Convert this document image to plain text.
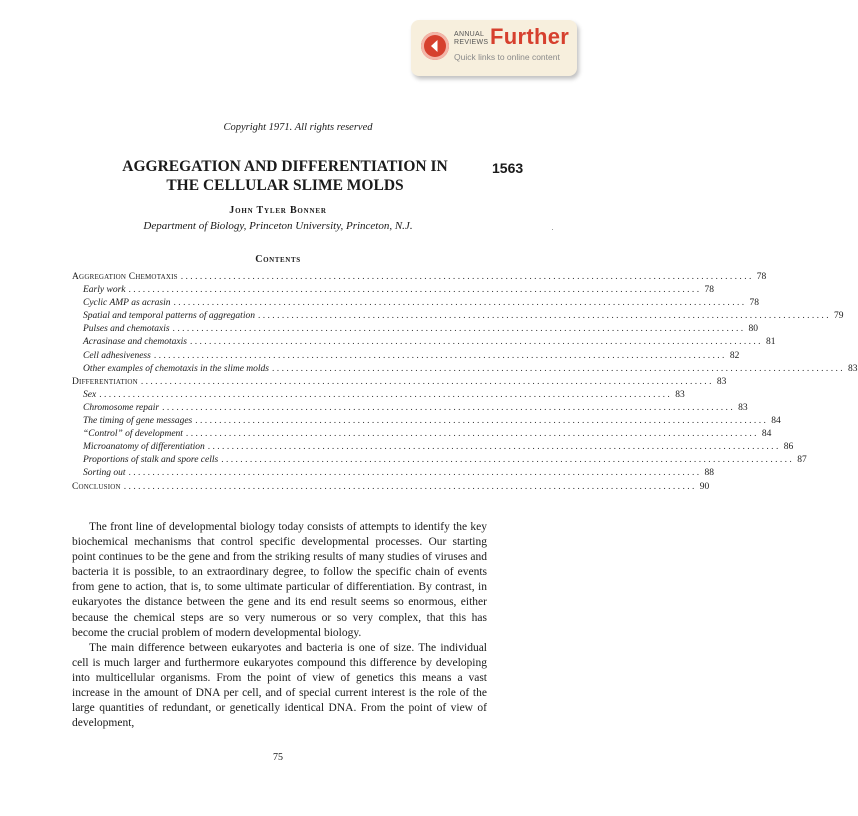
ANNUAL
REVIEWS Further
Quick links to online content
Copyright 1971. All rights reserved
AGGREGATION AND DIFFERENTIATION IN
THE CELLULAR SLIME MOLDS
1563
John Tyler Bonner
Department of Biology, Princeton University, Princeton, N.J.
Contents
Aggregation Chemotaxis ........................................................................................................................ 78
Early work ........................................................................................................................ 78
Cyclic AMP as acrasin ........................................................................................................................ 78
Spatial and temporal patterns of aggregation ........................................................................................................................ 79
Pulses and chemotaxis ........................................................................................................................ 80
Acrasinase and chemotaxis ........................................................................................................................ 81
Cell adhesiveness ........................................................................................................................ 82
Other examples of chemotaxis in the slime molds ........................................................................................................................ 83
Differentiation ........................................................................................................................ 83
Sex ........................................................................................................................ 83
Chromosome repair ........................................................................................................................ 83
The timing of gene messages ........................................................................................................................ 84
“Control” of development ........................................................................................................................ 84
Microanatomy of differentiation ........................................................................................................................ 86
Proportions of stalk and spore cells ........................................................................................................................ 87
Sorting out ........................................................................................................................ 88
Conclusion ........................................................................................................................ 90

The front line of developmental biology today consists of attempts to identify the key biochemical mechanisms that control specific developmental processes. Our starting point continues to be the gene and from the striking results of many studies of viruses and bacteria it is possible, to an extraordinary degree, to follow the specific chain of events from gene to action, that is, to some ultimate particular of differentiation. By contrast, in eukaryotes the distance between the gene and its end result seems so enormous, either because the chemical steps are so very numerous or so very complex, that this has become the crucial problem of modern developmental biology.

The main difference between eukaryotes and bacteria is one of size. The individual cell is much larger and furthermore eukaryotes compound this difference by developing into multicellular organisms. From the point of view of genetics this means a vast increase in the amount of DNA per cell, and of special current interest is the role of the large quantities of redundant, or genetically identical DNA. From the point of view of development,

75
